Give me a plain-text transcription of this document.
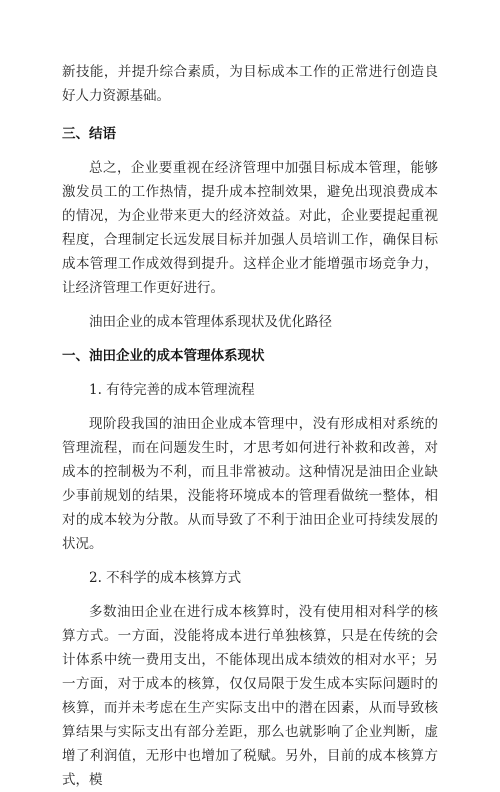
新技能，并提升综合素质，为目标成本工作的正常进行创造良好人力资源基础。

三、结语

总之，企业要重视在经济管理中加强目标成本管理，能够激发员工的工作热情，提升成本控制效果，避免出现浪费成本的情况，为企业带来更大的经济效益。对此，企业要提起重视程度，合理制定长远发展目标并加强人员培训工作，确保目标成本管理工作成效得到提升。这样企业才能增强市场竞争力，让经济管理工作更好进行。

油田企业的成本管理体系现状及优化路径

一、油田企业的成本管理体系现状

1. 有待完善的成本管理流程

现阶段我国的油田企业成本管理中，没有形成相对系统的管理流程，而在问题发生时，才思考如何进行补救和改善，对成本的控制极为不利，而且非常被动。这种情况是油田企业缺少事前规划的结果，没能将环境成本的管理看做统一整体，相对的成本较为分散。从而导致了不利于油田企业可持续发展的状况。

2. 不科学的成本核算方式

多数油田企业在进行成本核算时，没有使用相对科学的核算方式。一方面，没能将成本进行单独核算，只是在传统的会计体系中统一费用支出，不能体现出成本绩效的相对水平；另一方面，对于成本的核算，仅仅局限于发生成本实际问题时的核算，而并未考虑在生产实际支出中的潜在因素，从而导致核算结果与实际支出有部分差距，那么也就影响了企业判断，虚增了利润值，无形中也增加了税赋。另外，目前的成本核算方式，模
